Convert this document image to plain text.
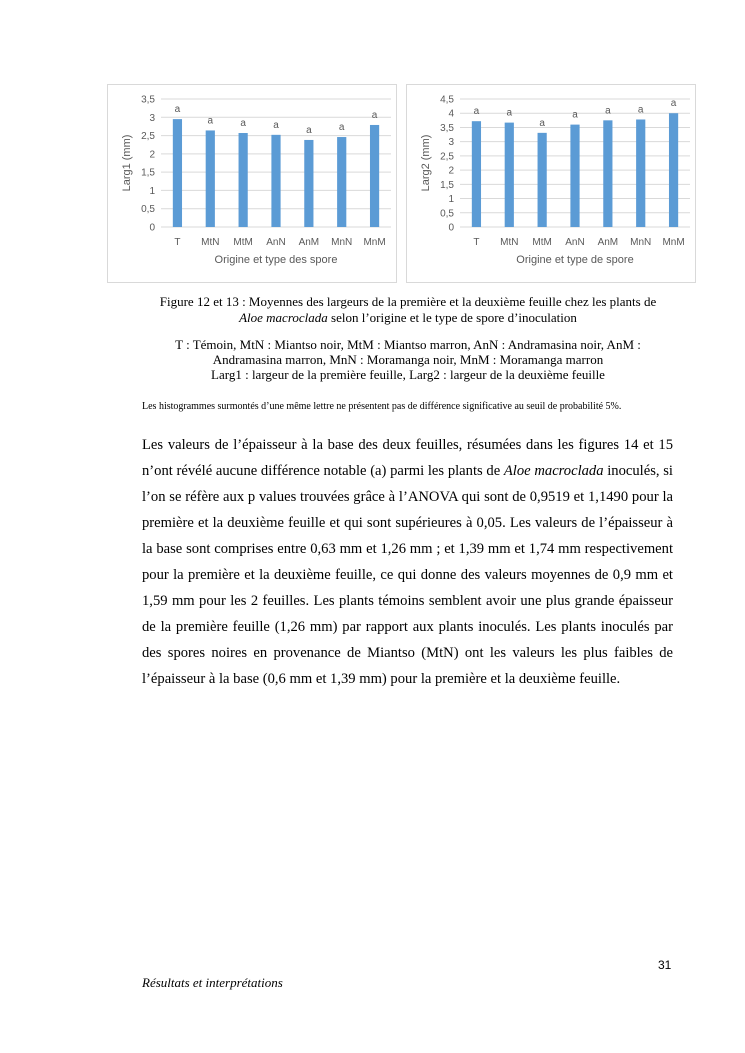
0
0,5
1
1,5
2
2,5
3
3,5
a
T
a
MtN
a
MtM
a
AnN
a
AnM
a
MnN
a
MnM
Origine et type des spore
Larg1 (mm)
0
0,5
1
1,5
2
2,5
3
3,5
4
4,5
a
T
a
MtN
a
MtM
a
AnN
a
AnM
a
MnN
a
MnM
Origine et type de spore
Larg2 (mm)
Figure 12 et 13 : Moyennes des largeurs de la première et la deuxième feuille chez les plants de
Aloe macroclada selon l’origine et le type de spore d’inoculation
T : Témoin, MtN : Miantso noir, MtM : Miantso marron, AnN : Andramasina noir, AnM :
Andramasina marron, MnN : Moramanga noir, MnM : Moramanga marron
Larg1 : largeur de la première feuille, Larg2 : largeur de la deuxième feuille
Les histogrammes surmontés d’une même lettre ne présentent pas de différence significative au seuil de probabilité 5%.
Les valeurs de l’épaisseur à la base des deux feuilles, résumées dans les figures 14 et 15 n’ont révélé aucune différence notable (a) parmi les plants de Aloe macroclada inoculés, si l’on se réfère aux p values trouvées grâce à l’ANOVA qui sont de 0,9519 et 1,1490 pour la première et la deuxième feuille et qui sont supérieures à 0,05. Les valeurs de l’épaisseur à la base sont comprises entre 0,63 mm et 1,26 mm ; et 1,39 mm et 1,74 mm respectivement pour la première et la deuxième feuille, ce qui donne des valeurs moyennes de 0,9 mm et 1,59 mm pour les 2 feuilles. Les plants témoins semblent avoir une plus grande épaisseur de la première feuille (1,26 mm) par rapport aux plants inoculés. Les plants inoculés par des spores noires en provenance de Miantso (MtN) ont les valeurs les plus faibles de l’épaisseur à la base (0,6 mm et 1,39 mm) pour la première et la deuxième feuille.
31
Résultats et interprétations
